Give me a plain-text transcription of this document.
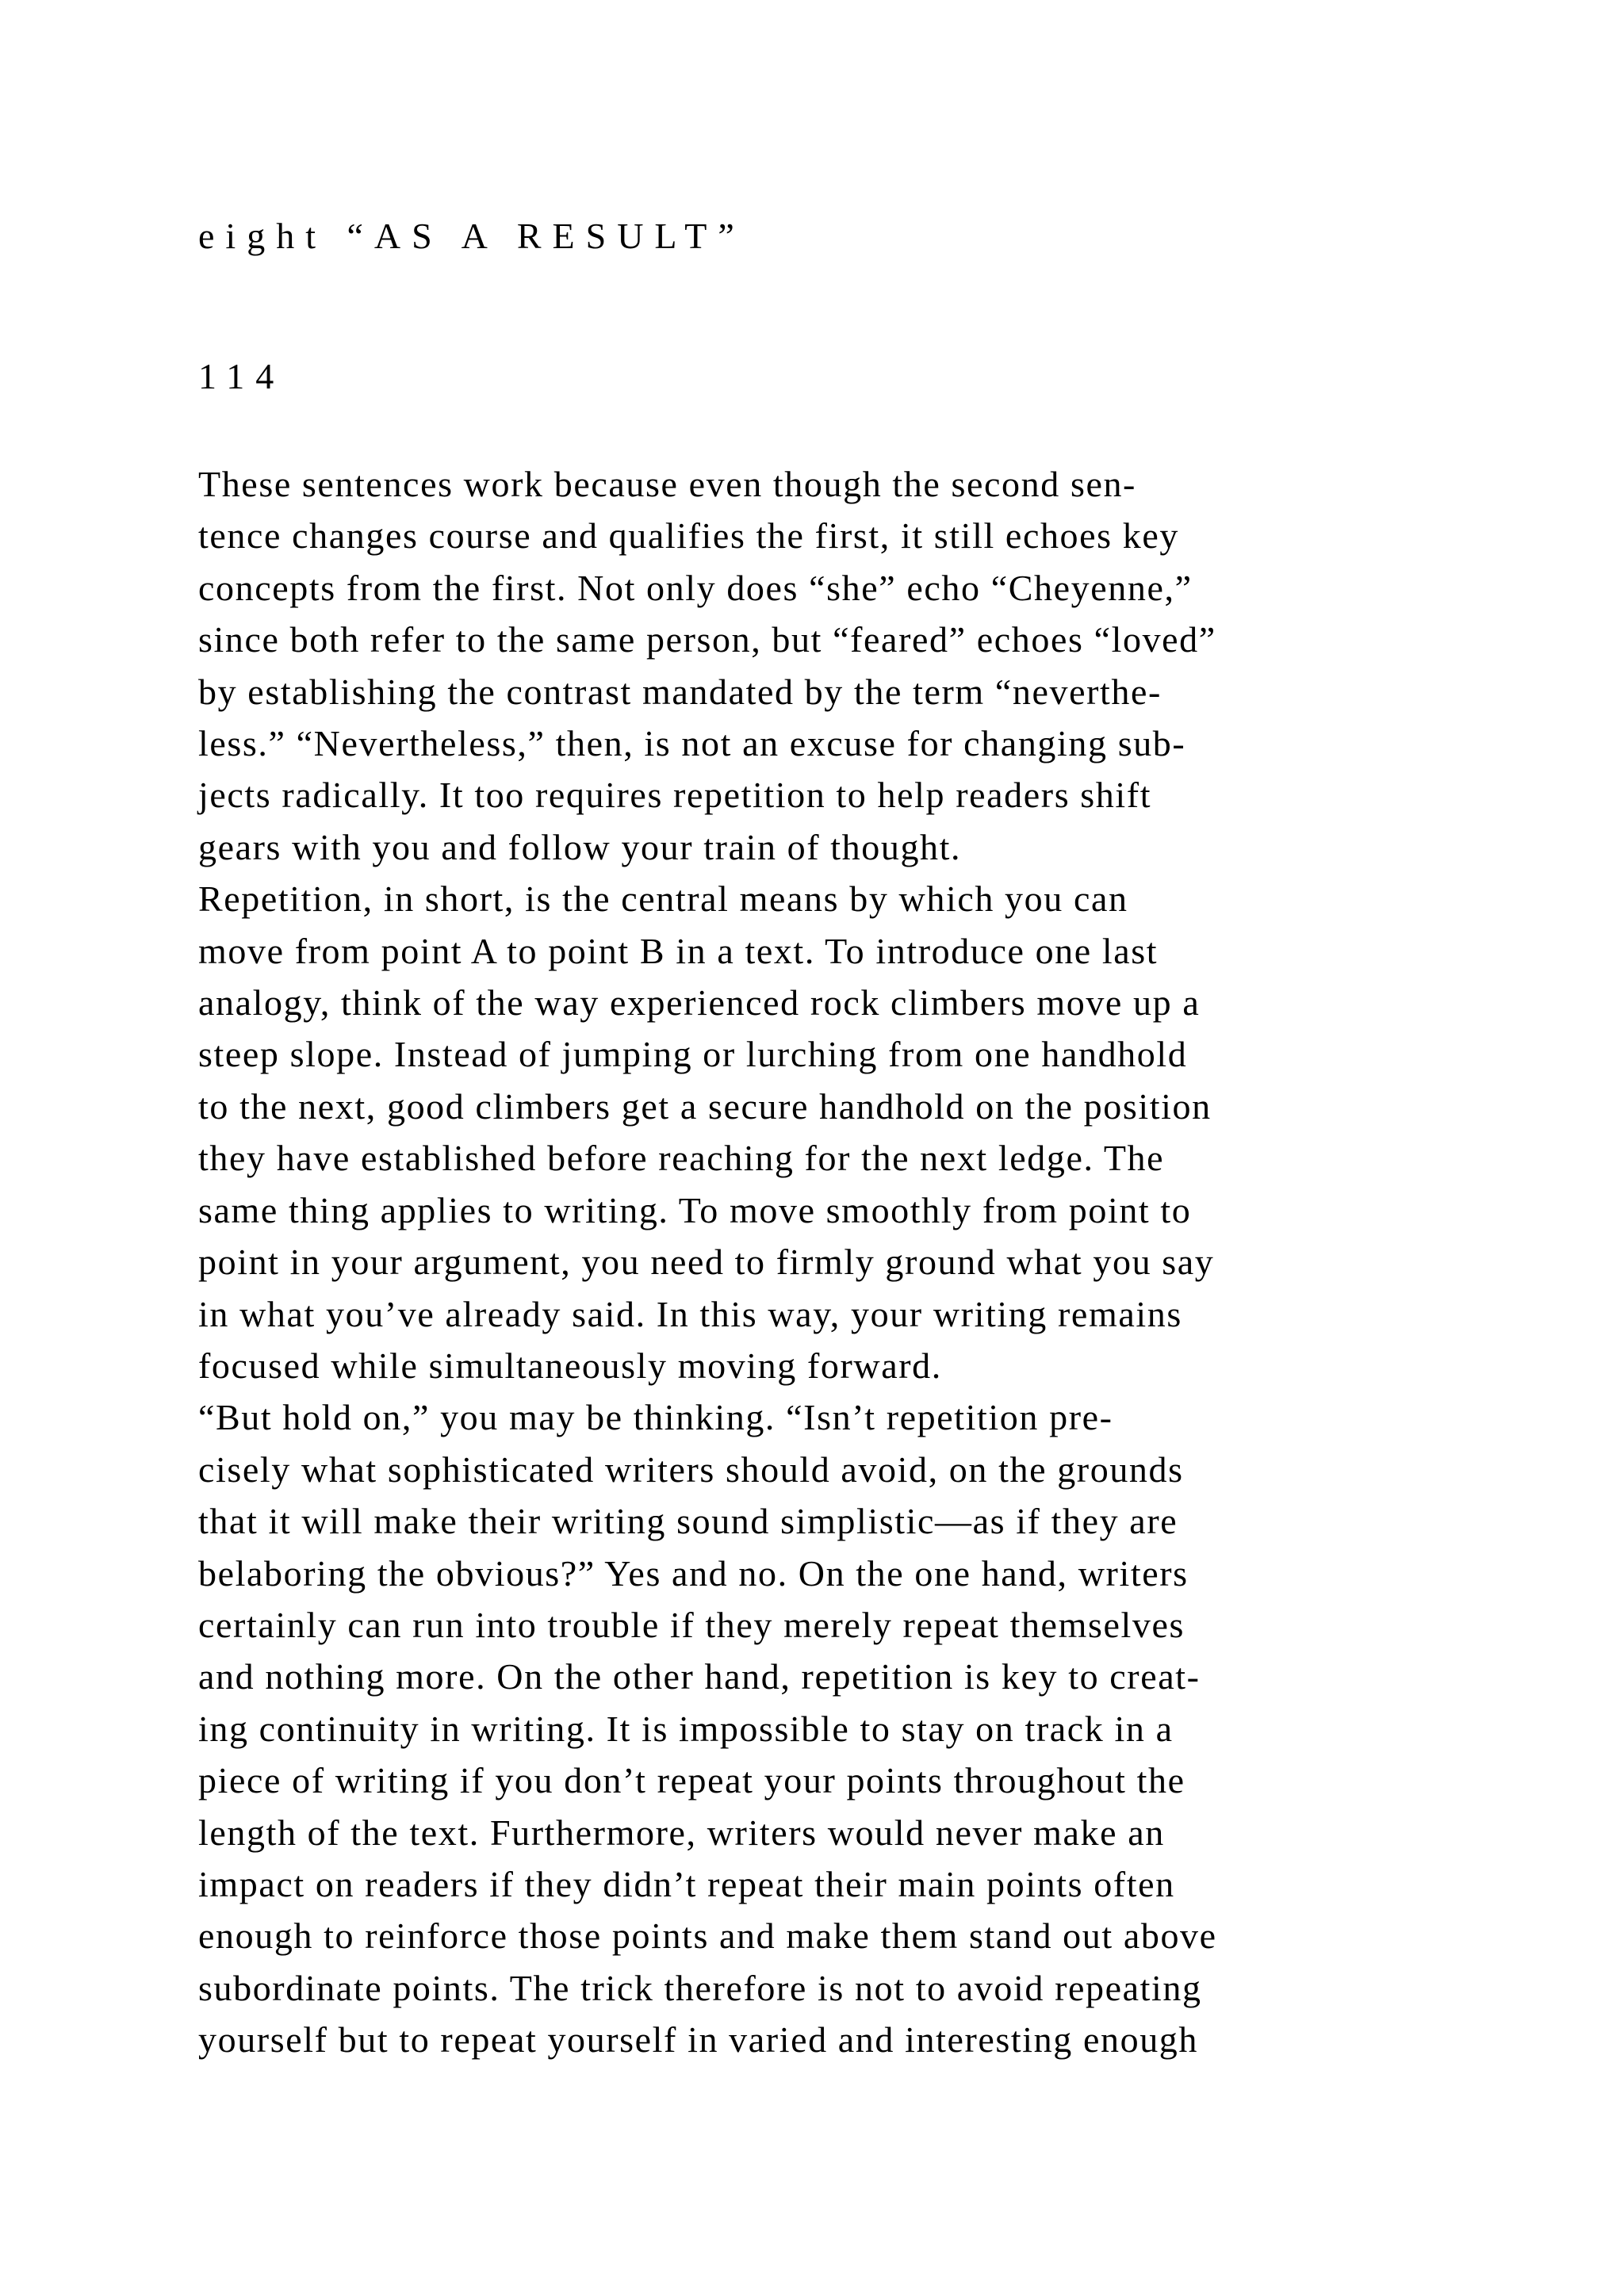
eight “AS A RESULT”
114
These sentences work because even though the second sen-
tence changes course and qualifies the first, it still echoes key
concepts from the first. Not only does “she” echo “Cheyenne,”
since both refer to the same person, but “feared” echoes “loved”
by establishing the contrast mandated by the term “neverthe-
less.” “Nevertheless,” then, is not an excuse for changing sub-
jects radically. It too requires repetition to help readers shift
gears with you and follow your train of thought.
Repetition, in short, is the central means by which you can
move from point A to point B in a text. To introduce one last
analogy, think of the way experienced rock climbers move up a
steep slope. Instead of jumping or lurching from one handhold
to the next, good climbers get a secure handhold on the position
they have established before reaching for the next ledge. The
same thing applies to writing. To move smoothly from point to
point in your argument, you need to firmly ground what you say
in what you’ve already said. In this way, your writing remains
focused while simultaneously moving forward.
“But hold on,” you may be thinking. “Isn’t repetition pre-
cisely what sophisticated writers should avoid, on the grounds
that it will make their writing sound simplistic—as if they are
belaboring the obvious?” Yes and no. On the one hand, writers
certainly can run into trouble if they merely repeat themselves
and nothing more. On the other hand, repetition is key to creat-
ing continuity in writing. It is impossible to stay on track in a
piece of writing if you don’t repeat your points throughout the
length of the text. Furthermore, writers would never make an
impact on readers if they didn’t repeat their main points often
enough to reinforce those points and make them stand out above
subordinate points. The trick therefore is not to avoid repeating
yourself but to repeat yourself in varied and interesting enough
